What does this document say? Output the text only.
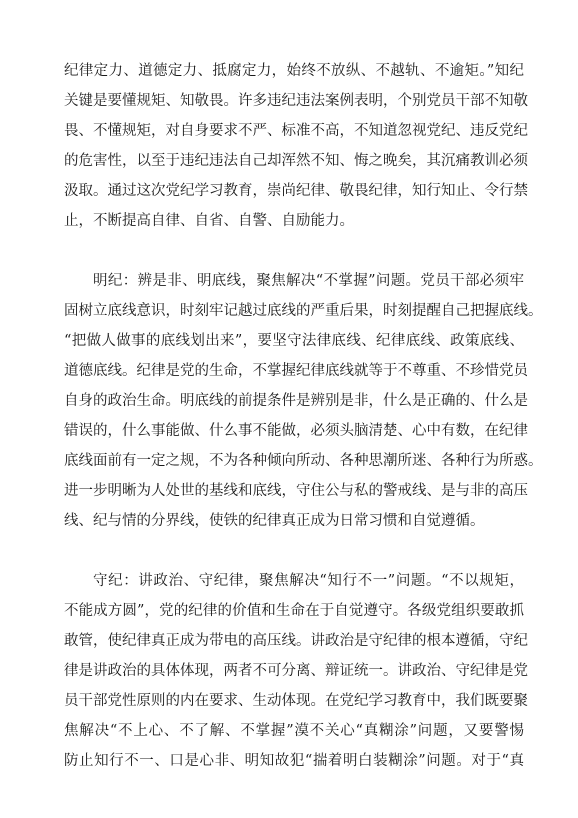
纪律定力、道德定力、抵腐定力，始终不放纵、不越轨、不逾矩。”知纪
关键是要懂规矩、知敬畏。许多违纪违法案例表明，个别党员干部不知敬
畏、不懂规矩，对自身要求不严、标准不高，不知道忽视党纪、违反党纪
的危害性，以至于违纪违法自己却浑然不知、悔之晚矣，其沉痛教训必须
汲取。通过这次党纪学习教育，崇尚纪律、敬畏纪律，知行知止、令行禁
止，不断提高自律、自省、自警、自励能力。
明纪：辨是非、明底线，聚焦解决“不掌握”问题。党员干部必须牢
固树立底线意识，时刻牢记越过底线的严重后果，时刻提醒自己把握底线。
“把做人做事的底线划出来”，要坚守法律底线、纪律底线、政策底线、
道德底线。纪律是党的生命，不掌握纪律底线就等于不尊重、不珍惜党员
自身的政治生命。明底线的前提条件是辨别是非，什么是正确的、什么是
错误的，什么事能做、什么事不能做，必须头脑清楚、心中有数，在纪律
底线面前有一定之规，不为各种倾向所动、各种思潮所迷、各种行为所惑。
进一步明晰为人处世的基线和底线，守住公与私的警戒线、是与非的高压
线、纪与情的分界线，使铁的纪律真正成为日常习惯和自觉遵循。
守纪：讲政治、守纪律，聚焦解决“知行不一”问题。“不以规矩，
不能成方圆”，党的纪律的价值和生命在于自觉遵守。各级党组织要敢抓
敢管，使纪律真正成为带电的高压线。讲政治是守纪律的根本遵循，守纪
律是讲政治的具体体现，两者不可分离、辩证统一。讲政治、守纪律是党
员干部党性原则的内在要求、生动体现。在党纪学习教育中，我们既要聚
焦解决“不上心、不了解、不掌握”漠不关心“真糊涂”问题，又要警惕
防止知行不一、口是心非、明知故犯“揣着明白装糊涂”问题。对于“真
